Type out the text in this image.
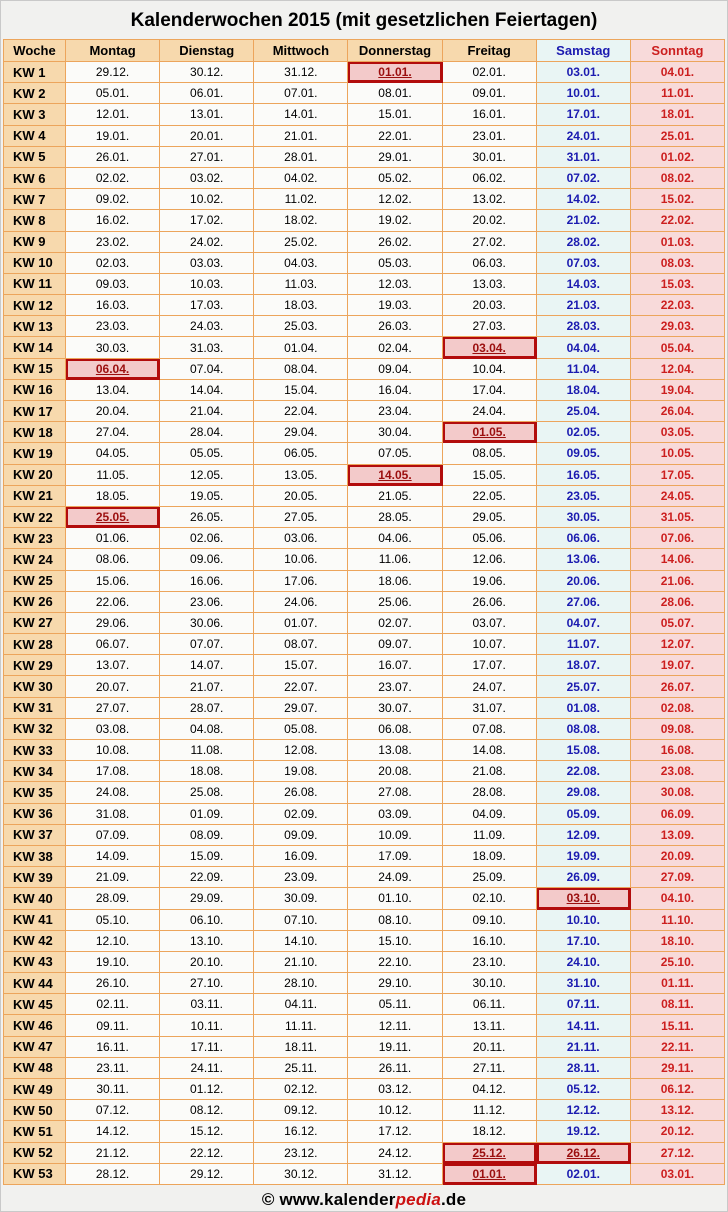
Kalenderwochen 2015 (mit gesetzlichen Feiertagen)
Woche	Montag	Dienstag	Mittwoch	Donnerstag	Freitag	Samstag	Sonntag
KW 1	29.12.	30.12.	31.12.	01.01.	02.01.	03.01.	04.01.
KW 2	05.01.	06.01.	07.01.	08.01.	09.01.	10.01.	11.01.
KW 3	12.01.	13.01.	14.01.	15.01.	16.01.	17.01.	18.01.
KW 4	19.01.	20.01.	21.01.	22.01.	23.01.	24.01.	25.01.
KW 5	26.01.	27.01.	28.01.	29.01.	30.01.	31.01.	01.02.
KW 6	02.02.	03.02.	04.02.	05.02.	06.02.	07.02.	08.02.
KW 7	09.02.	10.02.	11.02.	12.02.	13.02.	14.02.	15.02.
KW 8	16.02.	17.02.	18.02.	19.02.	20.02.	21.02.	22.02.
KW 9	23.02.	24.02.	25.02.	26.02.	27.02.	28.02.	01.03.
KW 10	02.03.	03.03.	04.03.	05.03.	06.03.	07.03.	08.03.
KW 11	09.03.	10.03.	11.03.	12.03.	13.03.	14.03.	15.03.
KW 12	16.03.	17.03.	18.03.	19.03.	20.03.	21.03.	22.03.
KW 13	23.03.	24.03.	25.03.	26.03.	27.03.	28.03.	29.03.
KW 14	30.03.	31.03.	01.04.	02.04.	03.04.	04.04.	05.04.
KW 15	06.04.	07.04.	08.04.	09.04.	10.04.	11.04.	12.04.
KW 16	13.04.	14.04.	15.04.	16.04.	17.04.	18.04.	19.04.
KW 17	20.04.	21.04.	22.04.	23.04.	24.04.	25.04.	26.04.
KW 18	27.04.	28.04.	29.04.	30.04.	01.05.	02.05.	03.05.
KW 19	04.05.	05.05.	06.05.	07.05.	08.05.	09.05.	10.05.
KW 20	11.05.	12.05.	13.05.	14.05.	15.05.	16.05.	17.05.
KW 21	18.05.	19.05.	20.05.	21.05.	22.05.	23.05.	24.05.
KW 22	25.05.	26.05.	27.05.	28.05.	29.05.	30.05.	31.05.
KW 23	01.06.	02.06.	03.06.	04.06.	05.06.	06.06.	07.06.
KW 24	08.06.	09.06.	10.06.	11.06.	12.06.	13.06.	14.06.
KW 25	15.06.	16.06.	17.06.	18.06.	19.06.	20.06.	21.06.
KW 26	22.06.	23.06.	24.06.	25.06.	26.06.	27.06.	28.06.
KW 27	29.06.	30.06.	01.07.	02.07.	03.07.	04.07.	05.07.
KW 28	06.07.	07.07.	08.07.	09.07.	10.07.	11.07.	12.07.
KW 29	13.07.	14.07.	15.07.	16.07.	17.07.	18.07.	19.07.
KW 30	20.07.	21.07.	22.07.	23.07.	24.07.	25.07.	26.07.
KW 31	27.07.	28.07.	29.07.	30.07.	31.07.	01.08.	02.08.
KW 32	03.08.	04.08.	05.08.	06.08.	07.08.	08.08.	09.08.
KW 33	10.08.	11.08.	12.08.	13.08.	14.08.	15.08.	16.08.
KW 34	17.08.	18.08.	19.08.	20.08.	21.08.	22.08.	23.08.
KW 35	24.08.	25.08.	26.08.	27.08.	28.08.	29.08.	30.08.
KW 36	31.08.	01.09.	02.09.	03.09.	04.09.	05.09.	06.09.
KW 37	07.09.	08.09.	09.09.	10.09.	11.09.	12.09.	13.09.
KW 38	14.09.	15.09.	16.09.	17.09.	18.09.	19.09.	20.09.
KW 39	21.09.	22.09.	23.09.	24.09.	25.09.	26.09.	27.09.
KW 40	28.09.	29.09.	30.09.	01.10.	02.10.	03.10.	04.10.
KW 41	05.10.	06.10.	07.10.	08.10.	09.10.	10.10.	11.10.
KW 42	12.10.	13.10.	14.10.	15.10.	16.10.	17.10.	18.10.
KW 43	19.10.	20.10.	21.10.	22.10.	23.10.	24.10.	25.10.
KW 44	26.10.	27.10.	28.10.	29.10.	30.10.	31.10.	01.11.
KW 45	02.11.	03.11.	04.11.	05.11.	06.11.	07.11.	08.11.
KW 46	09.11.	10.11.	11.11.	12.11.	13.11.	14.11.	15.11.
KW 47	16.11.	17.11.	18.11.	19.11.	20.11.	21.11.	22.11.
KW 48	23.11.	24.11.	25.11.	26.11.	27.11.	28.11.	29.11.
KW 49	30.11.	01.12.	02.12.	03.12.	04.12.	05.12.	06.12.
KW 50	07.12.	08.12.	09.12.	10.12.	11.12.	12.12.	13.12.
KW 51	14.12.	15.12.	16.12.	17.12.	18.12.	19.12.	20.12.
KW 52	21.12.	22.12.	23.12.	24.12.	25.12.	26.12.	27.12.
KW 53	28.12.	29.12.	30.12.	31.12.	01.01.	02.01.	03.01.
© www.kalenderpedia.de
